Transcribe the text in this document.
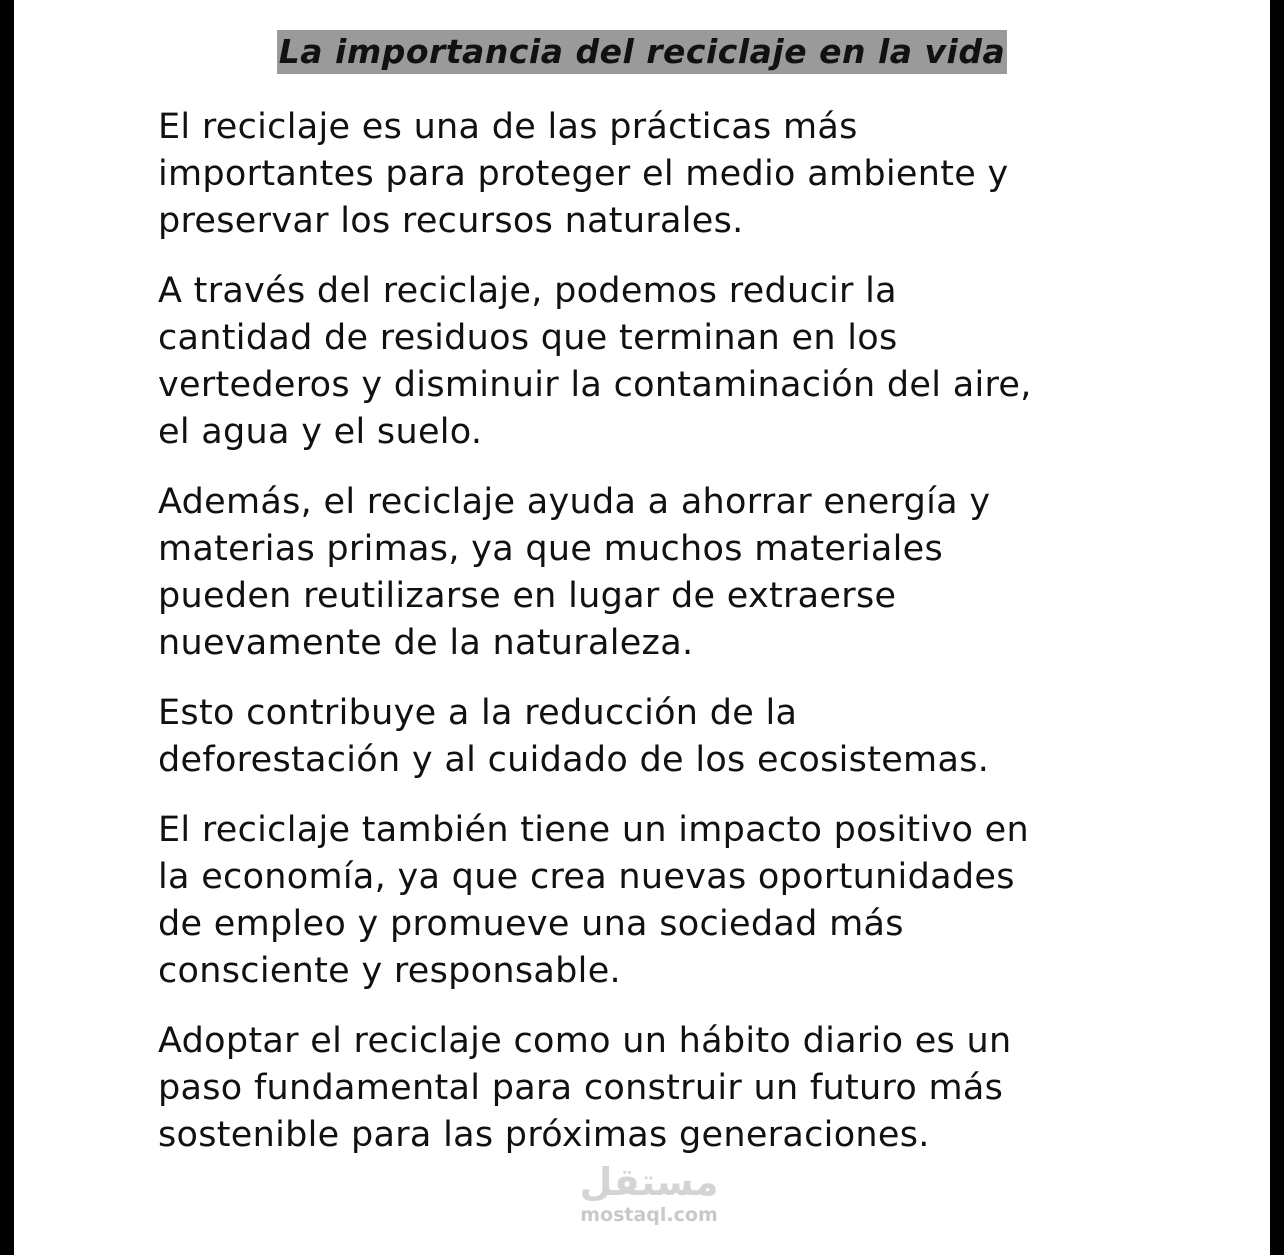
La importancia del reciclaje en la vida

El reciclaje es una de las prácticas más
importantes para proteger el medio ambiente y
preservar los recursos naturales.

A través del reciclaje, podemos reducir la
cantidad de residuos que terminan en los
vertederos y disminuir la contaminación del aire,
el agua y el suelo.

Además, el reciclaje ayuda a ahorrar energía y
materias primas, ya que muchos materiales
pueden reutilizarse en lugar de extraerse
nuevamente de la naturaleza.

Esto contribuye a la reducción de la
deforestación y al cuidado de los ecosistemas.

El reciclaje también tiene un impacto positivo en
la economía, ya que crea nuevas oportunidades
de empleo y promueve una sociedad más
consciente y responsable.

Adoptar el reciclaje como un hábito diario es un
paso fundamental para construir un futuro más
sostenible para las próximas generaciones.

مستقل
mostaql.com
